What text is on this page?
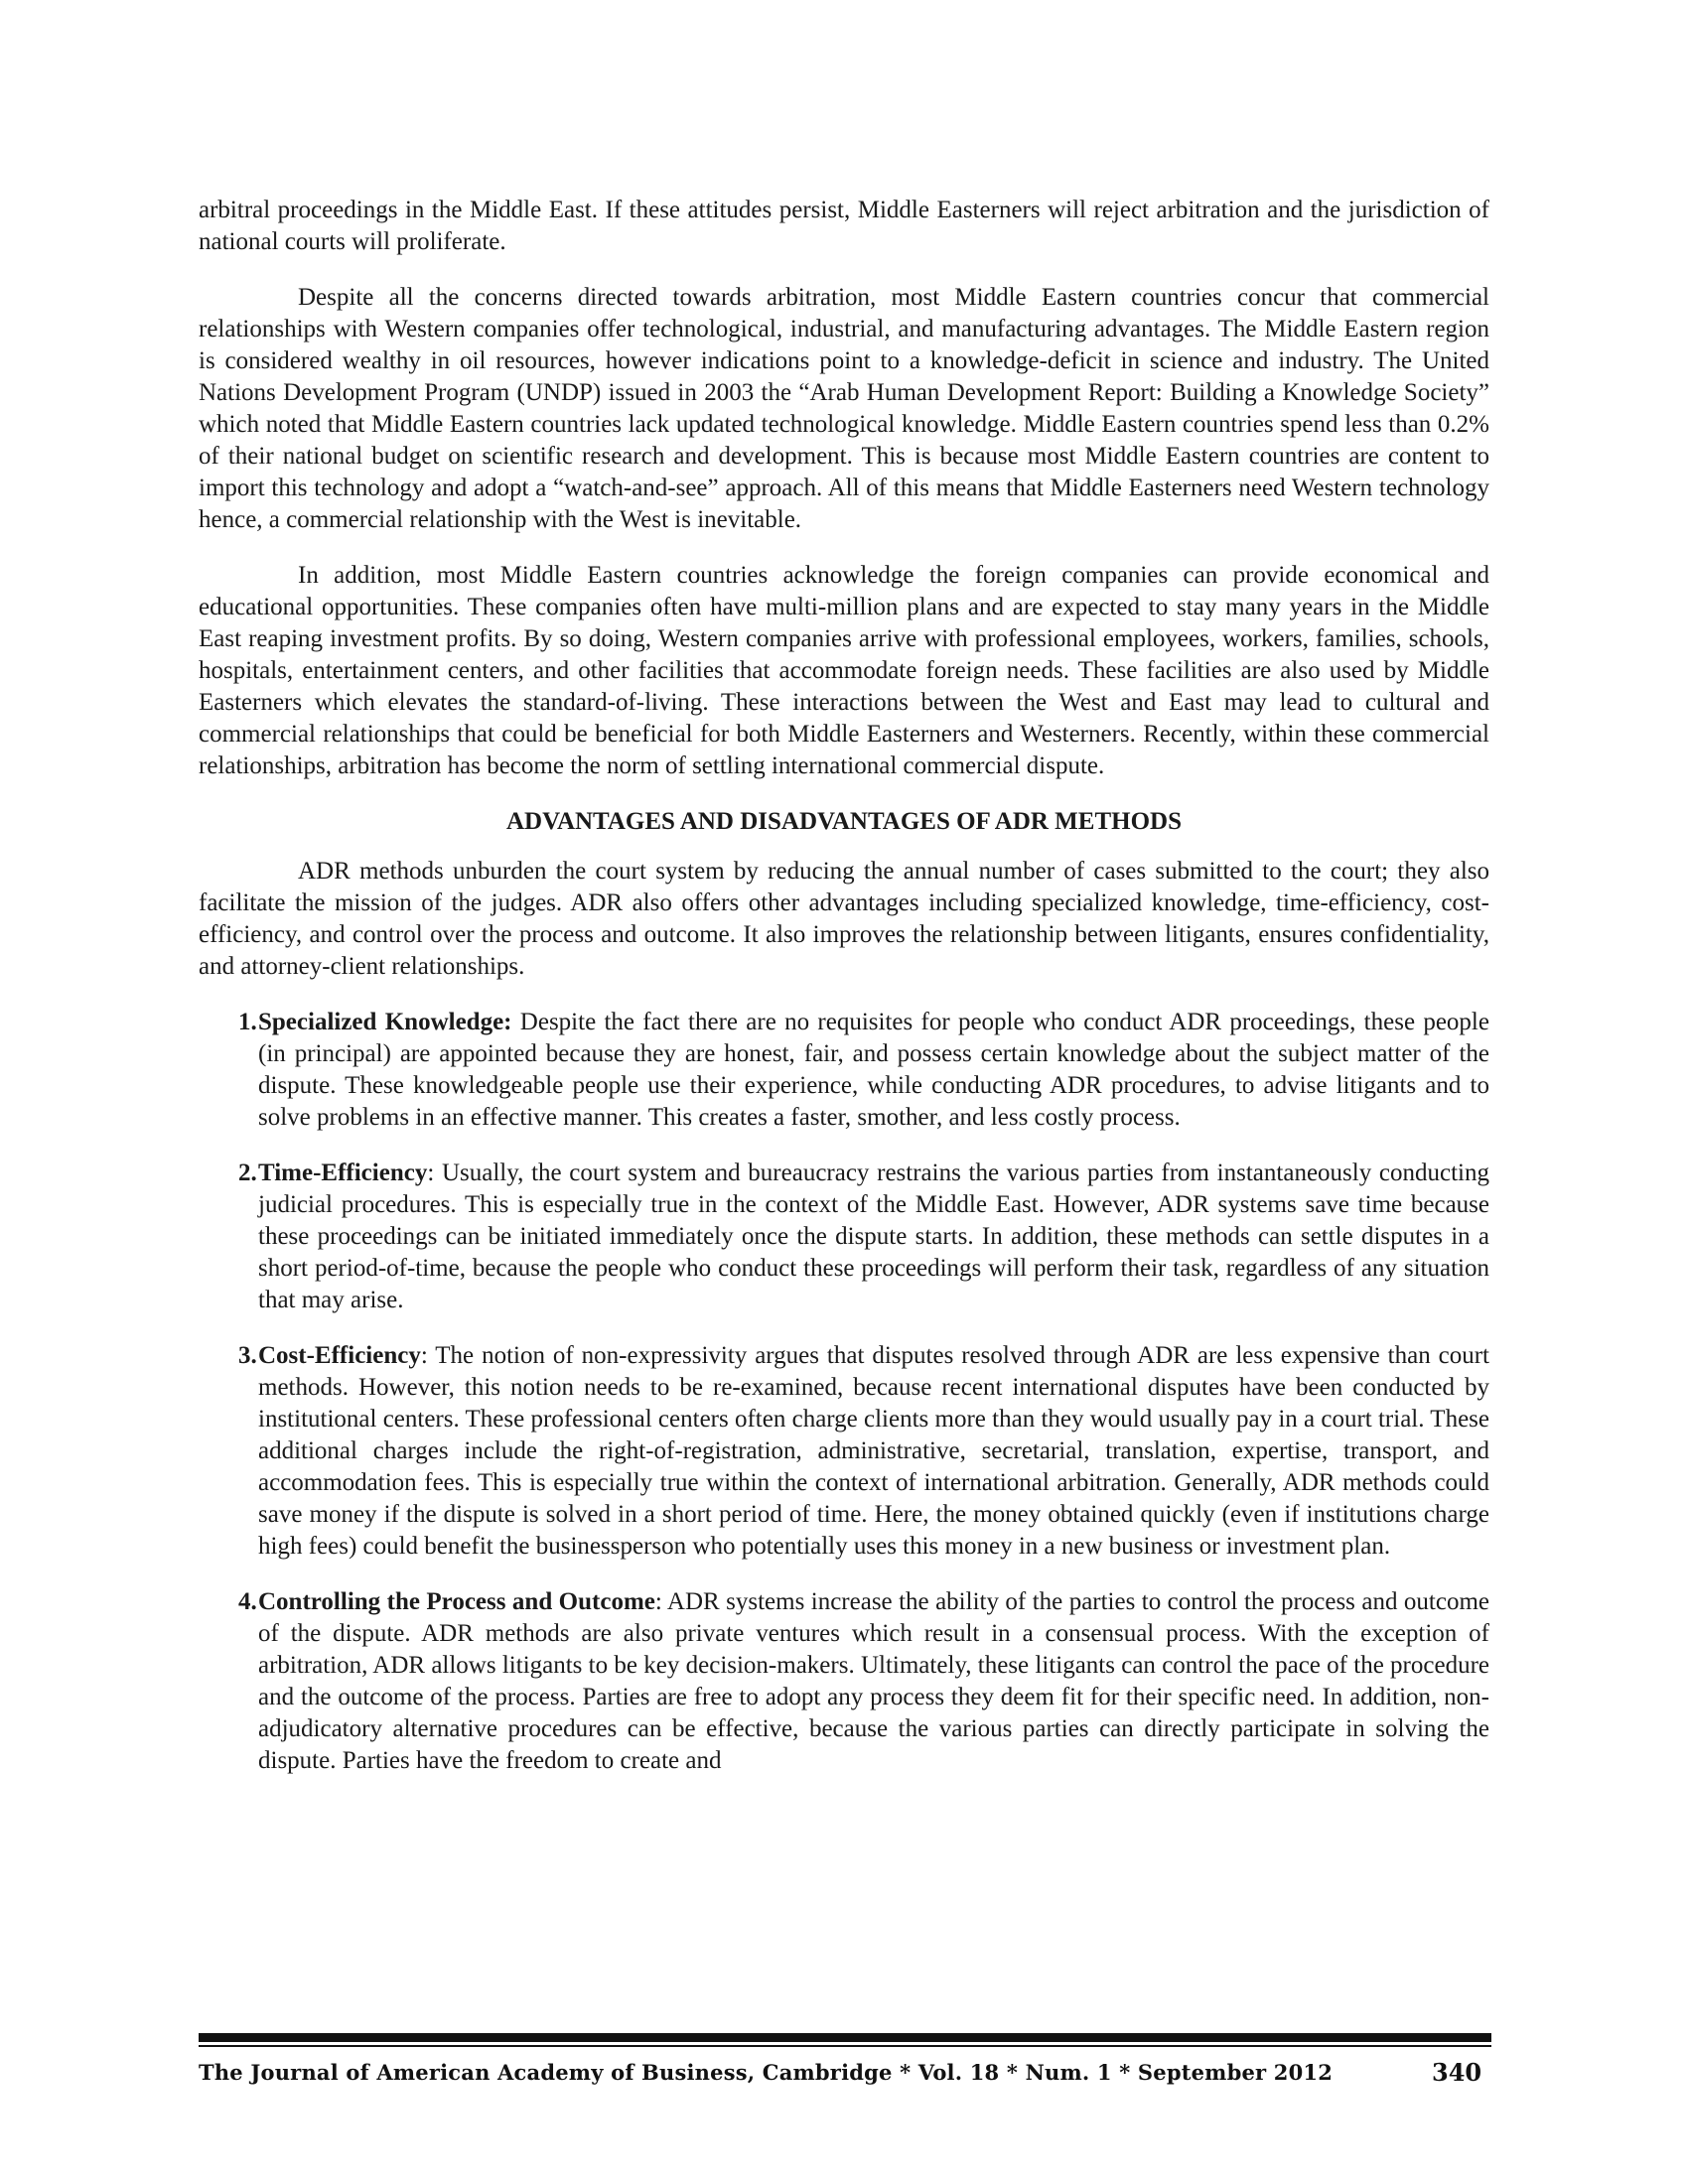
arbitral proceedings in the Middle East. If these attitudes persist, Middle Easterners will reject arbitration and the jurisdiction of national courts will proliferate.

Despite all the concerns directed towards arbitration, most Middle Eastern countries concur that commercial relationships with Western companies offer technological, industrial, and manufacturing advantages. The Middle Eastern region is considered wealthy in oil resources, however indications point to a knowledge-deficit in science and industry. The United Nations Development Program (UNDP) issued in 2003 the “Arab Human Development Report: Building a Knowledge Society” which noted that Middle Eastern countries lack updated technological knowledge. Middle Eastern countries spend less than 0.2% of their national budget on scientific research and development. This is because most Middle Eastern countries are content to import this technology and adopt a “watch-and-see” approach. All of this means that Middle Easterners need Western technology hence, a commercial relationship with the West is inevitable.

In addition, most Middle Eastern countries acknowledge the foreign companies can provide economical and educational opportunities. These companies often have multi-million plans and are expected to stay many years in the Middle East reaping investment profits. By so doing, Western companies arrive with professional employees, workers, families, schools, hospitals, entertainment centers, and other facilities that accommodate foreign needs. These facilities are also used by Middle Easterners which elevates the standard-of-living. These interactions between the West and East may lead to cultural and commercial relationships that could be beneficial for both Middle Easterners and Westerners. Recently, within these commercial relationships, arbitration has become the norm of settling international commercial dispute.

ADVANTAGES AND DISADVANTAGES OF ADR METHODS

ADR methods unburden the court system by reducing the annual number of cases submitted to the court; they also facilitate the mission of the judges. ADR also offers other advantages including specialized knowledge, time-efficiency, cost-efficiency, and control over the process and outcome. It also improves the relationship between litigants, ensures confidentiality, and attorney-client relationships.

1. Specialized Knowledge: Despite the fact there are no requisites for people who conduct ADR proceedings, these people (in principal) are appointed because they are honest, fair, and possess certain knowledge about the subject matter of the dispute. These knowledgeable people use their experience, while conducting ADR procedures, to advise litigants and to solve problems in an effective manner. This creates a faster, smother, and less costly process.
2. Time-Efficiency: Usually, the court system and bureaucracy restrains the various parties from instantaneously conducting judicial procedures. This is especially true in the context of the Middle East. However, ADR systems save time because these proceedings can be initiated immediately once the dispute starts. In addition, these methods can settle disputes in a short period-of-time, because the people who conduct these proceedings will perform their task, regardless of any situation that may arise.
3. Cost-Efficiency: The notion of non-expressivity argues that disputes resolved through ADR are less expensive than court methods. However, this notion needs to be re-examined, because recent international disputes have been conducted by institutional centers. These professional centers often charge clients more than they would usually pay in a court trial. These additional charges include the right-of-registration, administrative, secretarial, translation, expertise, transport, and accommodation fees. This is especially true within the context of international arbitration. Generally, ADR methods could save money if the dispute is solved in a short period of time. Here, the money obtained quickly (even if institutions charge high fees) could benefit the businessperson who potentially uses this money in a new business or investment plan.
4. Controlling the Process and Outcome: ADR systems increase the ability of the parties to control the process and outcome of the dispute. ADR methods are also private ventures which result in a consensual process. With the exception of arbitration, ADR allows litigants to be key decision-makers. Ultimately, these litigants can control the pace of the procedure and the outcome of the process. Parties are free to adopt any process they deem fit for their specific need. In addition, non-adjudicatory alternative procedures can be effective, because the various parties can directly participate in solving the dispute. Parties have the freedom to create and
The Journal of American Academy of Business, Cambridge * Vol. 18 * Num. 1 * September 2012	340
